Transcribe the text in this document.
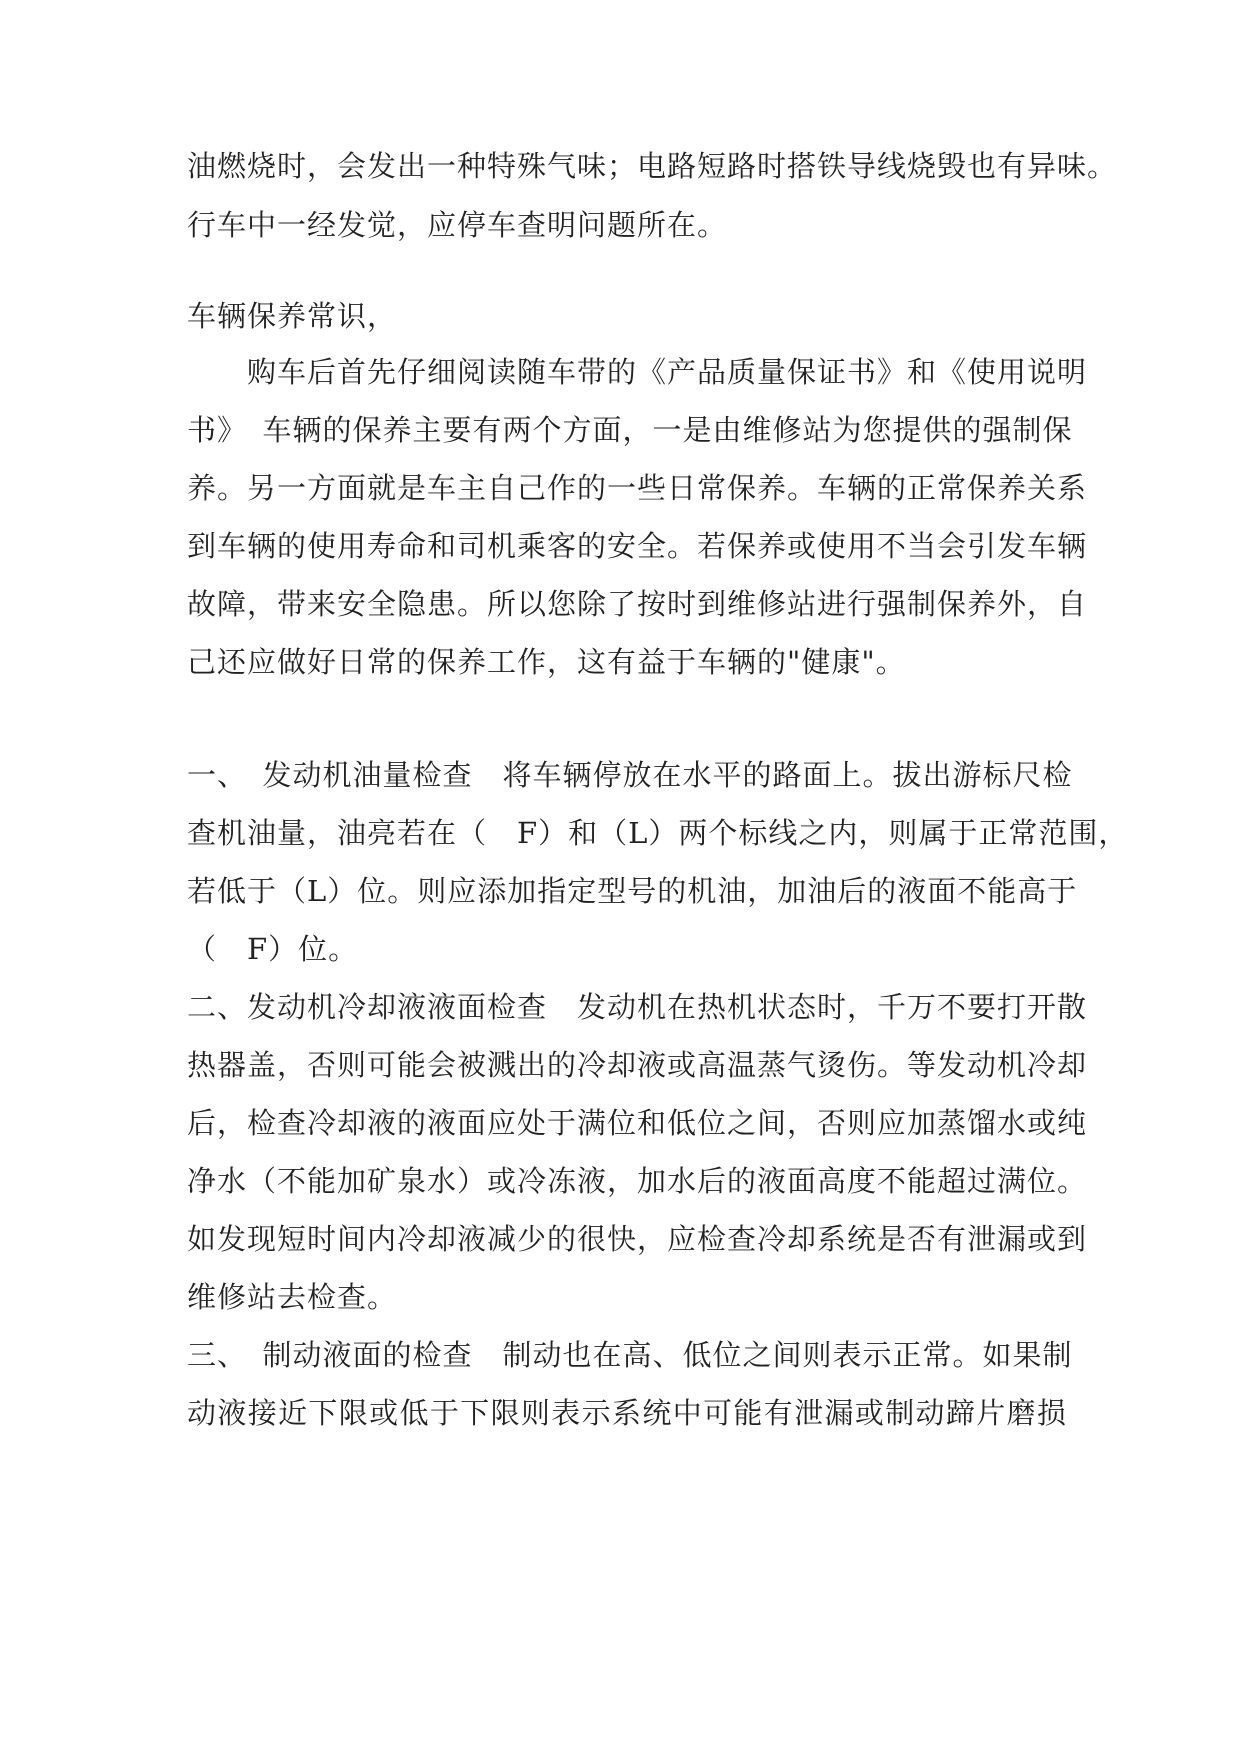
油燃烧时，会发出一种特殊气味；电路短路时搭铁导线烧毁也有异味。
行车中一经发觉，应停车查明问题所在。
车辆保养常识，
　　购车后首先仔细阅读随车带的《产品质量保证书》和《使用说明
书》　车辆的保养主要有两个方面，一是由维修站为您提供的强制保
养。另一方面就是车主自己作的一些日常保养。车辆的正常保养关系
到车辆的使用寿命和司机乘客的安全。若保养或使用不当会引发车辆
故障，带来安全隐患。所以您除了按时到维修站进行强制保养外，自
己还应做好日常的保养工作，这有益于车辆的"健康"。
一、　发动机油量检查　将车辆停放在水平的路面上。拔出游标尺检
查机油量，油亮若在（　F）和（L）两个标线之内，则属于正常范围，
若低于（L）位。则应添加指定型号的机油，加油后的液面不能高于
（　F）位。
二、发动机冷却液液面检查　发动机在热机状态时，千万不要打开散
热器盖，否则可能会被溅出的冷却液或高温蒸气烫伤。等发动机冷却
后，检查冷却液的液面应处于满位和低位之间，否则应加蒸馏水或纯
净水（不能加矿泉水）或冷冻液，加水后的液面高度不能超过满位。
如发现短时间内冷却液减少的很快，应检查冷却系统是否有泄漏或到
维修站去检查。
三、　制动液面的检查　制动也在高、低位之间则表示正常。如果制
动液接近下限或低于下限则表示系统中可能有泄漏或制动蹄片磨损
